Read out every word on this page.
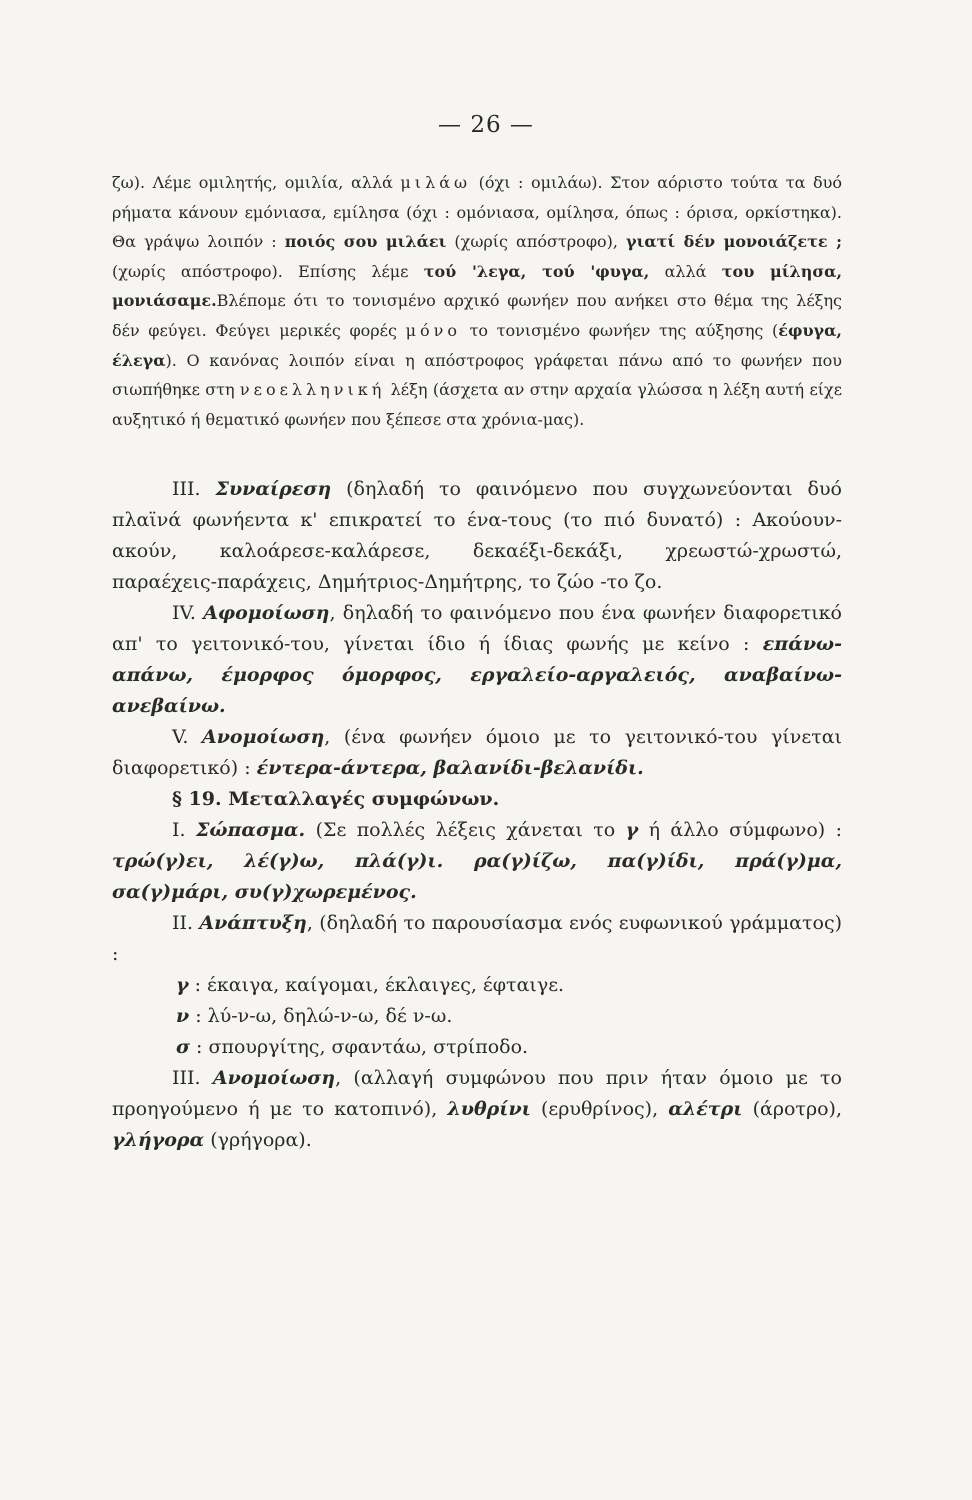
— 26 —

ζω). Λέμε ομιλητής, ομιλία, αλλά μιλάω (όχι : ομιλάω). Στον αόριστο τούτα τα δυό ρήματα κάνουν εμόνιασα, εμίλησα (όχι : ομόνιασα, ομίλησα, όπως : όρισα, ορκίστηκα). Θα γράψω λοιπόν : ποιός σου μιλάει (χωρίς απόστροφο), γιατί δέν μονοιάζετε ; (χωρίς απόστροφο). Επίσης λέμε τού 'λεγα, τού 'φυγα, αλλά του μίλησα, μονιάσαμε.Βλέπομε ότι το τονισμένο αρχικό φωνήεν που ανήκει στο θέμα της λέξης δέν φεύγει. Φεύγει μερικές φορές μόνο το τονισμένο φωνήεν της αύξησης (έφυγα, έλεγα). Ο κανόνας λοιπόν είναι η απόστροφος γράφεται πάνω από το φωνήεν που σιωπήθηκε στη νεοελληνική λέξη (άσχετα αν στην αρχαία γλώσσα η λέξη αυτή είχε αυξητικό ή θεματικό φωνήεν που ξέπεσε στα χρόνια-μας).

III. Συναίρεση (δηλαδή το φαινόμενο που συγχωνεύονται δυό πλαϊνά φωνήεντα κ' επικρατεί το ένα-τους (το πιό δυνατό) : Ακούουν-ακούν, καλοάρεσε-καλάρεσε, δεκαέξι-δεκάξι, χρεωστώ-χρωστώ, παραέχεις-παράχεις, Δημήτριος-Δημήτρης, το ζώο -το ζο.

IV. Αφομοίωση, δηλαδή το φαινόμενο που ένα φωνήεν διαφορετικό απ' το γειτονικό-του, γίνεται ίδιο ή ίδιας φωνής με κείνο : επάνω-απάνω, έμορφος όμορφος, εργαλείο-αργαλειός, αναβαίνω-ανεβαίνω.

V. Ανομοίωση, (ένα φωνήεν όμοιο με το γειτονικό-του γίνεται διαφορετικό) : έντερα-άντερα, βαλανίδι-βελανίδι.

§ 19. Μεταλλαγές συμφώνων.

I. Σώπασμα. (Σε πολλές λέξεις χάνεται το γ ή άλλο σύμφωνο) : τρώ(γ)ει, λέ(γ)ω, πλά(γ)ι. ρα(γ)ίζω, πα(γ)ίδι, πρά(γ)μα, σα(γ)μάρι, συ(γ)χωρεμένος.

II. Ανάπτυξη, (δηλαδή το παρουσίασμα ενός ευφωνικού γράμματος) :

γ : έκαιγα, καίγομαι, έκλαιγες, έφταιγε.

ν : λύ-ν-ω, δηλώ-ν-ω, δέ ν-ω.

σ : σπουργίτης, σφαντάω, στρίποδο.

III. Ανομοίωση, (αλλαγή συμφώνου που πριν ήταν όμοιο με το προηγούμενο ή με το κατοπινό), λυθρίνι (ερυθρίνος), αλέτρι (άροτρο), γλήγορα (γρήγορα).
